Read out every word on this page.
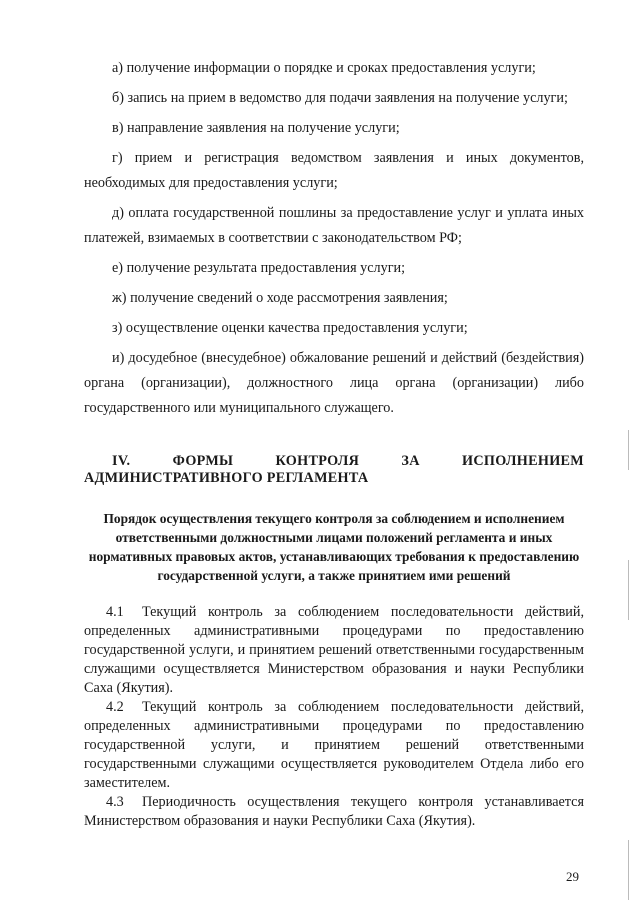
а) получение информации о порядке и сроках предоставления услуги;

б) запись на прием в ведомство для подачи заявления на получение услуги;

в) направление заявления на получение услуги;

г) прием и регистрация ведомством заявления и иных документов, необходимых для предоставления услуги;

д) оплата государственной пошлины за предоставление услуг и уплата иных платежей, взимаемых в соответствии с законодательством РФ;

е) получение результата предоставления услуги;

ж) получение сведений о ходе рассмотрения заявления;

з) осуществление оценки качества предоставления услуги;

и) досудебное (внесудебное) обжалование решений и действий (бездействия) органа (организации), должностного лица органа (организации) либо государственного или муниципального служащего.

IV. ФОРМЫ КОНТРОЛЯ ЗА ИСПОЛНЕНИЕМ

АДМИНИСТРАТИВНОГО РЕГЛАМЕНТА

Порядок осуществления текущего контроля за соблюдением и исполнением ответственными должностными лицами положений регламента и иных нормативных правовых актов, устанавливающих требования к предоставлению государственной услуги, а также принятием ими решений

4.1 Текущий контроль за соблюдением последовательности действий, определенных административными процедурами по предоставлению государственной услуги, и принятием решений ответственными государственным служащими осуществляется Министерством образования и науки Республики Саха (Якутия).

4.2 Текущий контроль за соблюдением последовательности действий, определенных административными процедурами по предоставлению государственной услуги, и принятием решений ответственными государственными служащими осуществляется руководителем Отдела либо его заместителем.

4.3 Периодичность осуществления текущего контроля устанавливается Министерством образования и науки Республики Саха (Якутия).

29
